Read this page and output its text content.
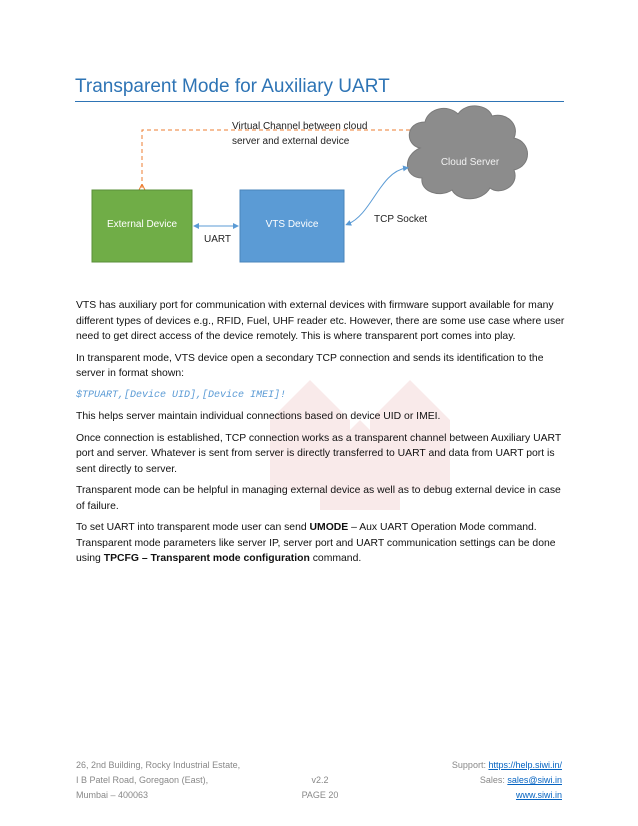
Transparent Mode for Auxiliary UART
Cloud Server
Virtual Channel between cloud
server and external device
External Device	VTS Device
UART
TCP Socket

VTS has auxiliary port for communication with external devices with firmware support available for many different types of devices e.g., RFID, Fuel, UHF reader etc. However, there are some use case where user need to get direct access of the device remotely. This is where transparent port comes into play.

In transparent mode, VTS device open a secondary TCP connection and sends its identification to the server in format shown:

$TPUART,[Device UID],[Device IMEI]!

This helps server maintain individual connections based on device UID or IMEI.

Once connection is established, TCP connection works as a transparent channel between Auxiliary UART port and server. Whatever is sent from server is directly transferred to UART and data from UART port is sent directly to server.

Transparent mode can be helpful in managing external device as well as to debug external device in case of failure.

To set UART into transparent mode user can send UMODE – Aux UART Operation Mode command. Transparent mode parameters like server IP, server port and UART communication settings can be done using TPCFG – Transparent mode configuration command.

26, 2nd Building, Rocky Industrial Estate,
I B Patel Road, Goregaon (East),
Mumbai – 400063

v2.2
PAGE 20
Support: https://help.siwi.in/
Sales: sales@siwi.in
www.siwi.in
